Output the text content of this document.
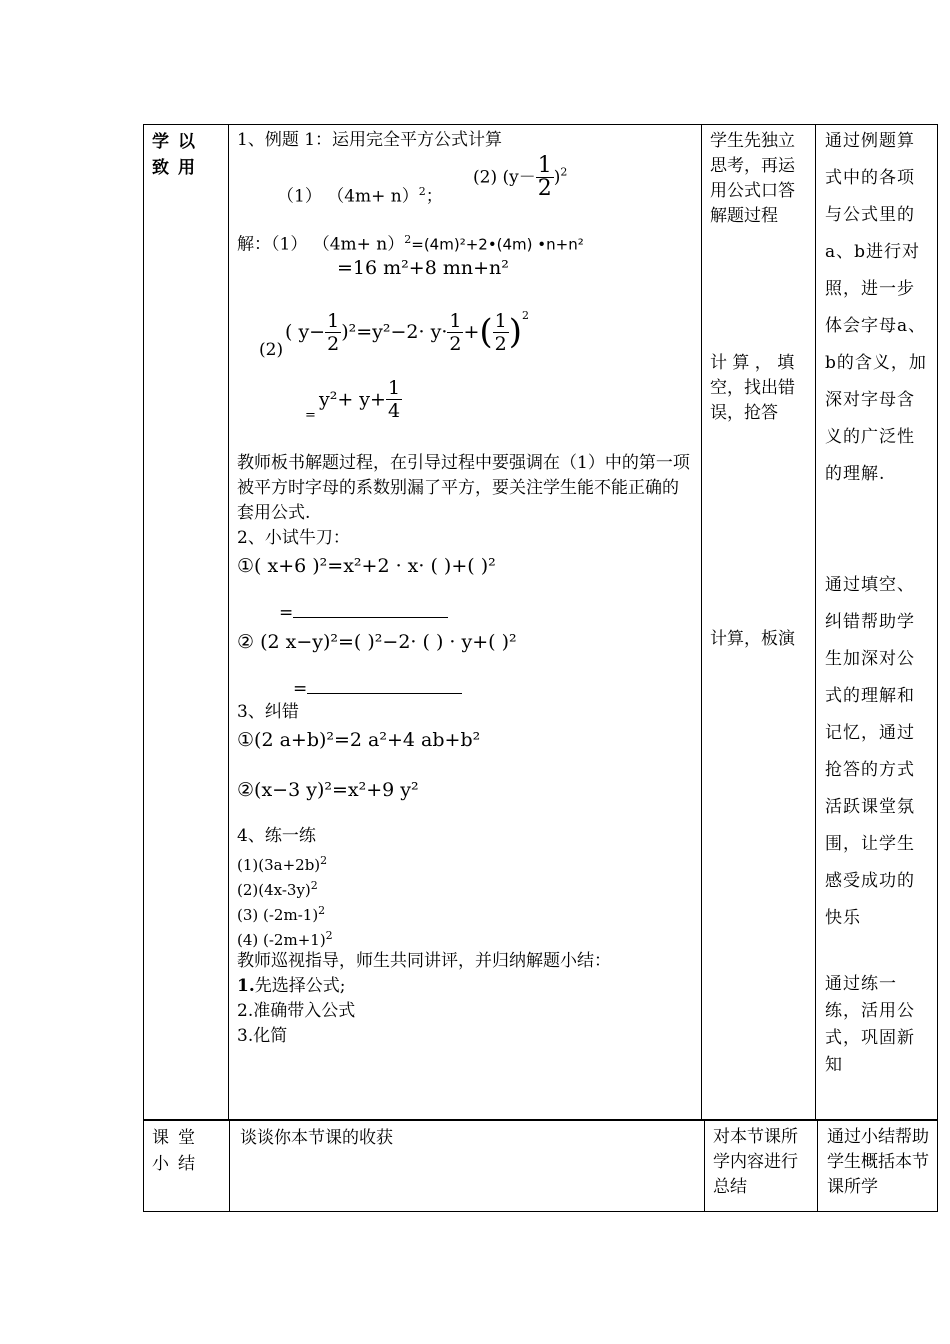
学以致用
1、例题 1：运用完全平方公式计算
（1） $(4m+ n)^2$；
(2) $(y- \frac{1}{2} )^2$
解：（1） $(4m+ n)^2=(4m)^2+2•(4m)$ •n+n²
=16 m²+8 mn+n²
(2)
( $y- \frac{1}{2} )^2=y^2-2\cdot y\cdot \frac{1}{2}$ +( $\frac{1}{2} )^2$
=
$y^2+ y+ \frac{1}{4}$
教师板书解题过程，在引导过程中要强调在（1）中的第一项被平方时字母的系数别漏了平方，要关注学生能不能正确的套用公式.
2、小试牛刀：
①( x+6 )²=x²+2 · x· ( )+( )²
=
② (2 x−y)²=( )²−2· ( ) · y+( )²
=
3、纠错
①(2 a+b)²=2 a²+4 ab+b²
②(x−3 y)²=x²+9 y²
4、练一练
$(1)(3a+2b)^2$
$(2)(4x-3y)^2$
(3) $(-2m-1)^2$
(4) $(-2m+1)^2$
教师巡视指导，师生共同讲评，并归纳解题小结：
1.先选择公式;
2.准确带入公式
3.化简
学生先独立思考，再运用公式口答解题过程
计 算 ， 填空，找出错误，抢答
计算，板演
通过例题算式中的各项与公式里的a、b进行对照，进一步体会字母a、b的含义，加深对字母含义的广泛性的理解.
通过填空、纠错帮助学生加深对公式的理解和记忆，通过抢答的方式活跃课堂氛围，让学生感受成功的快乐
通过练一练，活用公式，巩固新知
课堂小结
谈谈你本节课的收获	对本节课所学内容进行总结
通过小结帮助学生概括本节课所学
